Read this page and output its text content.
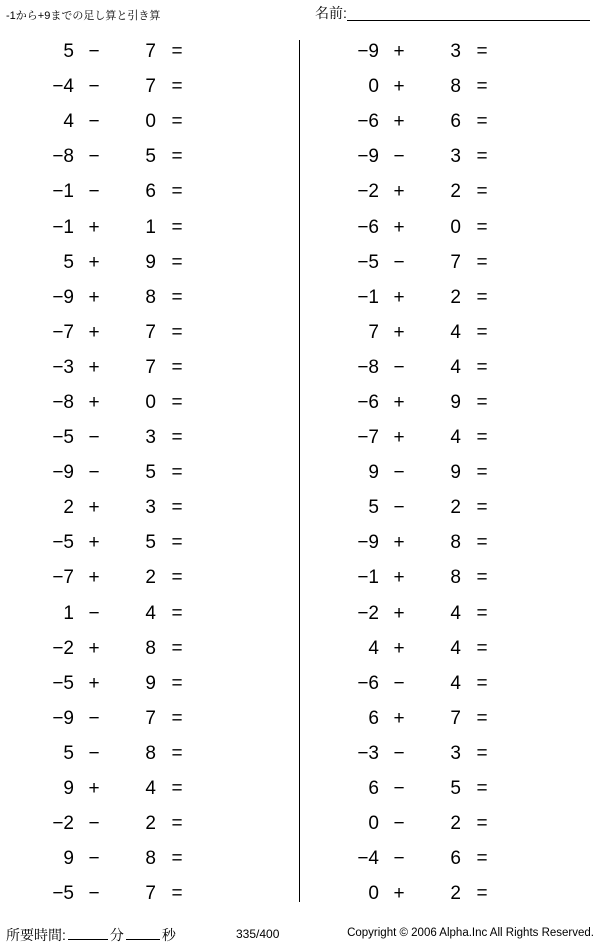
-1から+9までの足し算と引き算	名前:
5 −	7 =
−4 −	7 =
4 −	0 =
−8 −	5 =
−1 −	6 =
−1 +	1 =
5 +	9 =
−9 +	8 =
−7 +	7 =
−3 +	7 =
−8 +	0 =
−5 −	3 =
−9 −	5 =
2 +	3 =
−5 +	5 =
−7 +	2 =
1 −	4 =
−2 +	8 =
−5 +	9 =
−9 −	7 =
5 −	8 =
9 +	4 =
−2 −	2 =
9 −	8 =
−5 −	7 =
−9 +	3 =
0 +	8 =
−6 +	6 =
−9 −	3 =
−2 +	2 =
−6 +	0 =
−5 −	7 =
−1 +	2 =
7 +	4 =
−8 −	4 =
−6 +	9 =
−7 +	4 =
9 −	9 =
5 −	2 =
−9 +	8 =
−1 +	8 =
−2 +	4 =
4 +	4 =
−6 −	4 =
6 +	7 =
−3 −	3 =
6 −	5 =
0 −	2 =
−4 −	6 =
0 +	2 =
所要時間:	分	秒	335/400	Copyright © 2006 Alpha.Inc All Rights Reserved.
